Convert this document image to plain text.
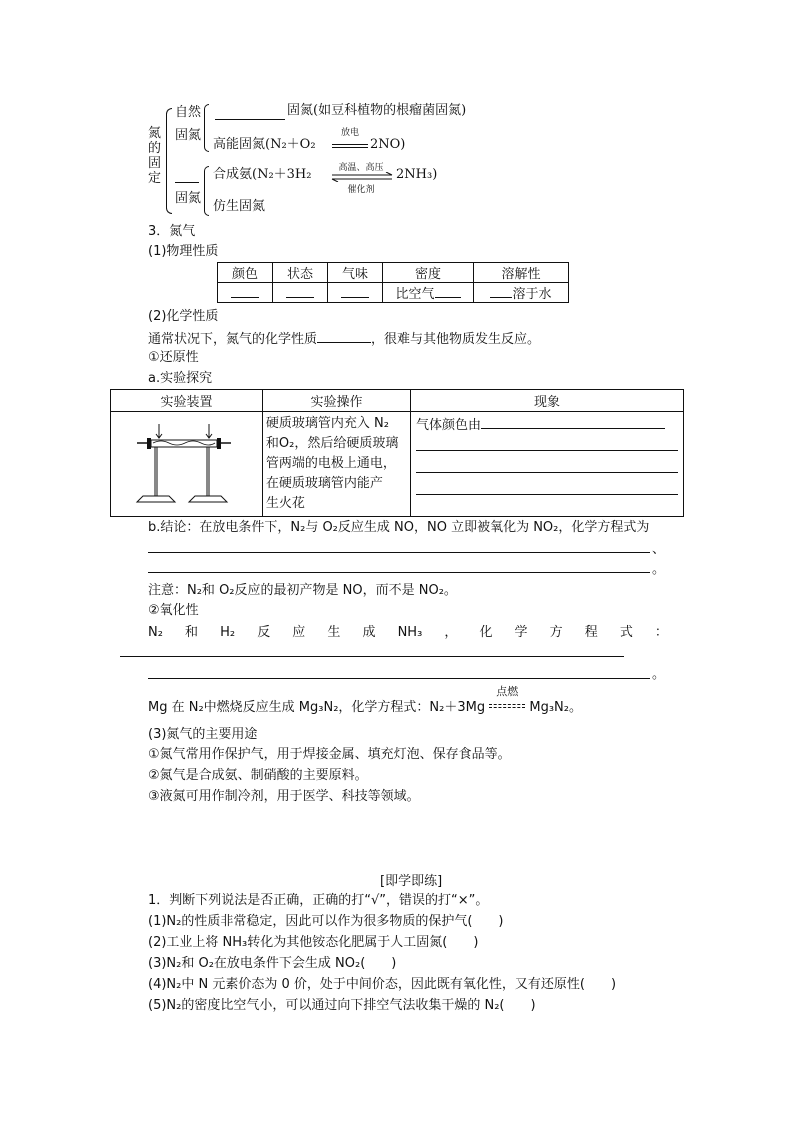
氮
的
固
定
自然
固氮
固氮(如豆科植物的根瘤菌固氮)
高能固氮(N₂＋O₂
放电
2NO)
固氮
合成氨(N₂＋3H₂	高温、高压
催化剂
2NH₃)
仿生固氮
3．氮气
(1)物理性质
颜色	状态	气味	密度	溶解性
			比空气	溶于水
(2)化学性质
通常状况下，氮气的化学性质	，很难与其他物质发生反应。
①还原性
a.实验探究
实验装置	实验操作	现象

硬质玻璃管内充入 N₂
和O₂，然后给硬质玻璃
管两端的电极上通电，
在硬质玻璃管内能产
生火花	气体颜色由
b.结论：在放电条件下，N₂与 O₂反应生成 NO，NO 立即被氧化为 NO₂，化学方程式为
、
。
注意：N₂和 O₂反应的最初产物是 NO，而不是 NO₂。
②氧化性
N₂ 和 H₂ 反 应 生 成 NH₃ ， 化 学 方 程 式 ：
。
Mg 在 N₂中燃烧反应生成 Mg₃N₂，化学方程式：N₂＋3Mg
点燃
Mg₃N₂。
(3)氮气的主要用途
①氮气常用作保护气，用于焊接金属、填充灯泡、保存食品等。
②氮气是合成氨、制硝酸的主要原料。
③液氮可用作制冷剂，用于医学、科技等领域。
[即学即练]
1．判断下列说法是否正确，正确的打“√”，错误的打“×”。
(1)N₂的性质非常稳定，因此可以作为很多物质的保护气(　　)
(2)工业上将 NH₃转化为其他铵态化肥属于人工固氮(　　)
(3)N₂和 O₂在放电条件下会生成 NO₂(　　)
(4)N₂中 N 元素价态为 0 价，处于中间价态，因此既有氧化性，又有还原性(　　)
(5)N₂的密度比空气小，可以通过向下排空气法收集干燥的 N₂(　　)
